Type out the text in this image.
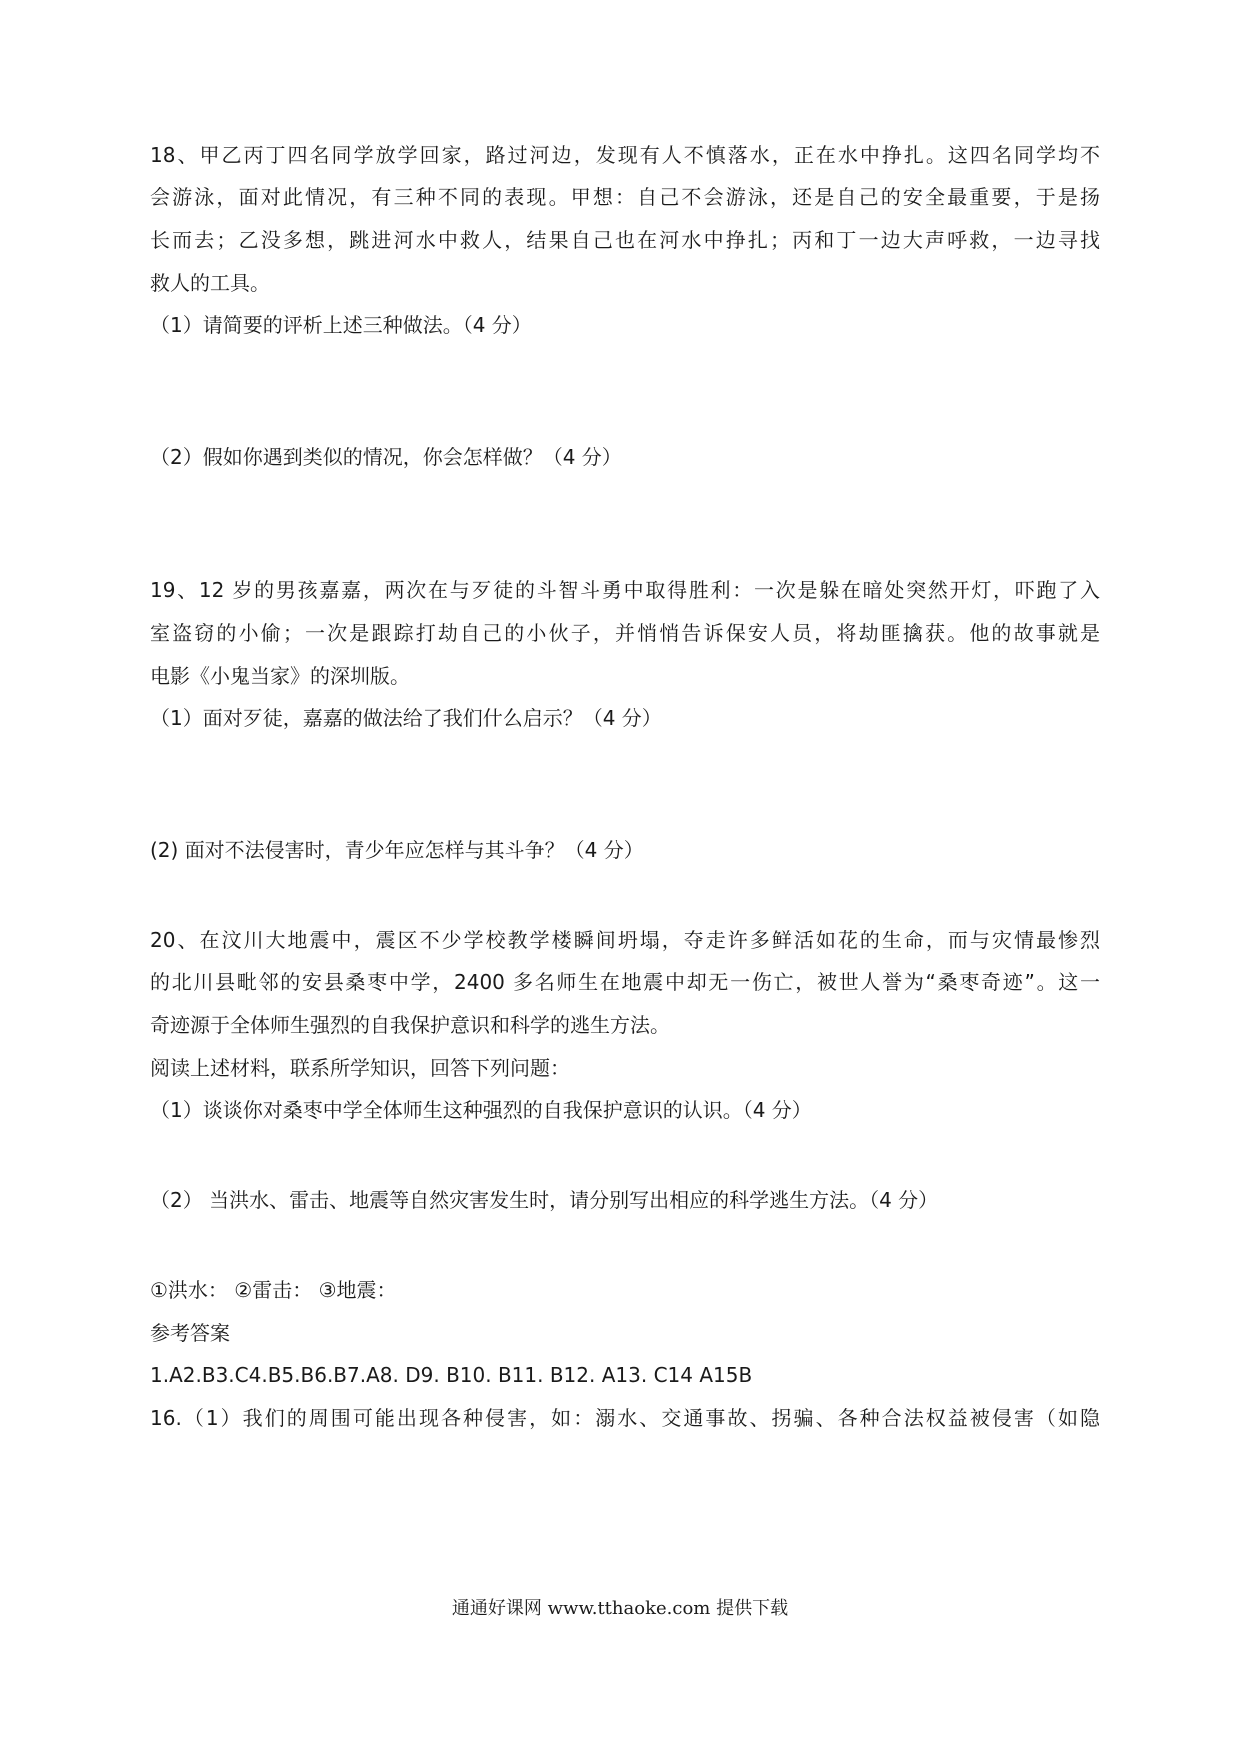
18、甲乙丙丁四名同学放学回家，路过河边，发现有人不慎落水，正在水中挣扎。这四名同学均不
会游泳，面对此情况，有三种不同的表现。甲想：自己不会游泳，还是自己的安全最重要，于是扬
长而去；乙没多想，跳进河水中救人，结果自己也在河水中挣扎；丙和丁一边大声呼救，一边寻找
救人的工具。
（1）请简要的评析上述三种做法。（4 分）
（2）假如你遇到类似的情况，你会怎样做？（4 分）
19、12 岁的男孩嘉嘉，两次在与歹徒的斗智斗勇中取得胜利：一次是躲在暗处突然开灯，吓跑了入
室盗窃的小偷；一次是跟踪打劫自己的小伙子，并悄悄告诉保安人员，将劫匪擒获。他的故事就是
电影《小鬼当家》的深圳版。
（1）面对歹徒，嘉嘉的做法给了我们什么启示？（4 分）
(2) 面对不法侵害时，青少年应怎样与其斗争？（4 分）
20、在汶川大地震中，震区不少学校教学楼瞬间坍塌，夺走许多鲜活如花的生命，而与灾情最惨烈
的北川县毗邻的安县桑枣中学，2400 多名师生在地震中却无一伤亡，被世人誉为“桑枣奇迹”。这一
奇迹源于全体师生强烈的自我保护意识和科学的逃生方法。
阅读上述材料，联系所学知识，回答下列问题：
（1）谈谈你对桑枣中学全体师生这种强烈的自我保护意识的认识。（4 分）
（2） 当洪水、雷击、地震等自然灾害发生时，请分别写出相应的科学逃生方法。（4 分）
①洪水： ②雷击： ③地震：
参考答案
1.A2.B3.C4.B5.B6.B7.A8. D9. B10. B11. B12. A13. C14 A15B
16.（1）我们的周围可能出现各种侵害，如：溺水、交通事故、拐骗、各种合法权益被侵害（如隐
通通好课网 www.tthaoke.com 提供下载
